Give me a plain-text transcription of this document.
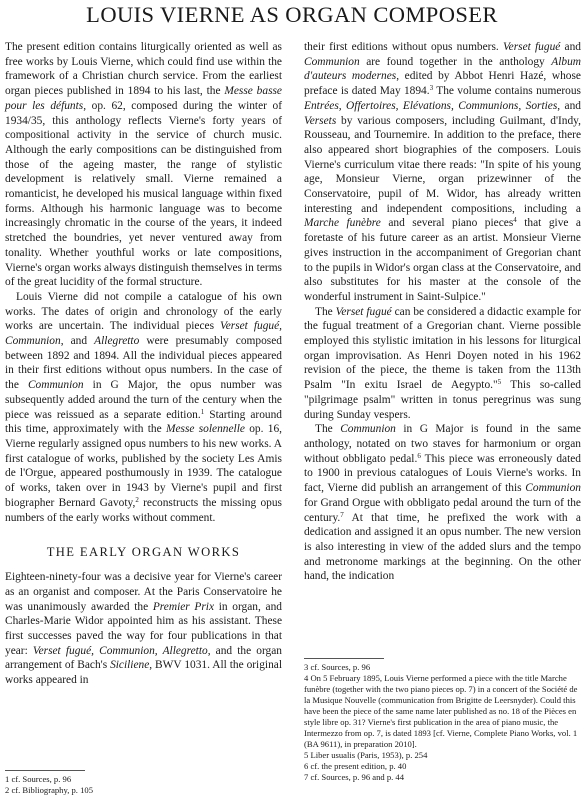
LOUIS VIERNE AS ORGAN COMPOSER

The present edition contains liturgically oriented as well as free works by Louis Vierne, which could find use within the framework of a Christian church service. From the earliest organ pieces published in 1894 to his last, the Messe basse pour les défunts, op. 62, composed during the winter of 1934/35, this anthology reflects Vierne's forty years of compositional activity in the service of church music. Although the early compositions can be distinguished from those of the ageing master, the range of stylistic development is relatively small. Vierne remained a romanticist, he developed his musical language within fixed forms. Although his harmonic language was to become increasingly chromatic in the course of the years, it indeed stretched the boundries, yet never ventured away from tonality. Whether youthful works or late compositions, Vierne's organ works always distinguish themselves in terms of the great lucidity of the formal structure.

Louis Vierne did not compile a catalogue of his own works. The dates of origin and chronology of the early works are uncertain. The individual pieces Verset fugué, Communion, and Allegretto were presumably composed between 1892 and 1894. All the individual pieces appeared in their first editions without opus numbers. In the case of the Communion in G Major, the opus number was subsequently added around the turn of the century when the piece was reissued as a separate edition.$^1$ Starting around this time, approximately with the Messe solennelle op. 16, Vierne regularly assigned opus numbers to his new works. A first catalogue of works, published by the society Les Amis de l'Orgue, appeared posthumously in 1939. The catalogue of works, taken over in 1943 by Vierne's pupil and first biographer Bernard Gavoty,$^2$ reconstructs the missing opus numbers of the early works without comment.

THE EARLY ORGAN WORKS

Eighteen-ninety-four was a decisive year for Vierne's career as an organist and composer. At the Paris Conservatoire he was unanimously awarded the Premier Prix in organ, and Charles-Marie Widor appointed him as his assistant. These first successes paved the way for four publications in that year: Verset fugué, Communion, Allegretto, and the organ arrangement of Bach's Siciliene, BWV 1031. All the original works appeared in

1 cf. Sources, p. 96
2 cf. Bibliography, p. 105

their first editions without opus numbers. Verset fugué and Communion are found together in the anthology Album d'auteurs modernes, edited by Abbot Henri Hazé, whose preface is dated May 1894.$^3$ The volume contains numerous Entrées, Offertoires, Elévations, Communions, Sorties, and Versets by various composers, including Guilmant, d'Indy, Rousseau, and Tournemire. In addition to the preface, there also appeared short biographies of the composers. Louis Vierne's curriculum vitae there reads: "In spite of his young age, Monsieur Vierne, organ prizewinner of the Conservatoire, pupil of M. Widor, has already written interesting and independent compositions, including a Marche funèbre and several piano pieces$^4$ that give a foretaste of his future career as an artist. Monsieur Vierne gives instruction in the accompaniment of Gregorian chant to the pupils in Widor's organ class at the Conservatoire, and also substitutes for his master at the console of the wonderful instrument in Saint-Sulpice."

The Verset fugué can be considered a didactic example for the fugual treatment of a Gregorian chant. Vierne possible employed this stylistic imitation in his lessons for liturgical organ improvisation. As Henri Doyen noted in his 1962 revision of the piece, the theme is taken from the 113th Psalm "In exitu Israel de Aegypto."$^5$ This so-called "pilgrimage psalm" written in tonus peregrinus was sung during Sunday vespers.

The Communion in G Major is found in the same anthology, notated on two staves for harmonium or organ without obbligato pedal.$^6$ This piece was erroneously dated to 1900 in previous catalogues of Louis Vierne's works. In fact, Vierne did publish an arrangement of this Communion for Grand Orgue with obbligato pedal around the turn of the century.$^7$ At that time, he prefixed the work with a dedication and assigned it an opus number. The new version is also interesting in view of the added slurs and the tempo and metronome markings at the beginning. On the other hand, the indication

3 cf. Sources, p. 96
4 On 5 February 1895, Louis Vierne performed a piece with the title Marche funèbre (together with the two piano pieces op. 7) in a concert of the Société de la Musique Nouvelle (communication from Brigitte de Leersnyder). Could this have been the piece of the same name later published as no. 18 of the Pièces en style libre op. 31? Vierne's first publication in the area of piano music, the Intermezzo from op. 7, is dated 1893 [cf. Vierne, Complete Piano Works, vol. 1 (BA 9611), in preparation 2010].
5 Liber usualis (Paris, 1953), p. 254
6 cf. the present edition, p. 40
7 cf. Sources, p. 96 and p. 44
